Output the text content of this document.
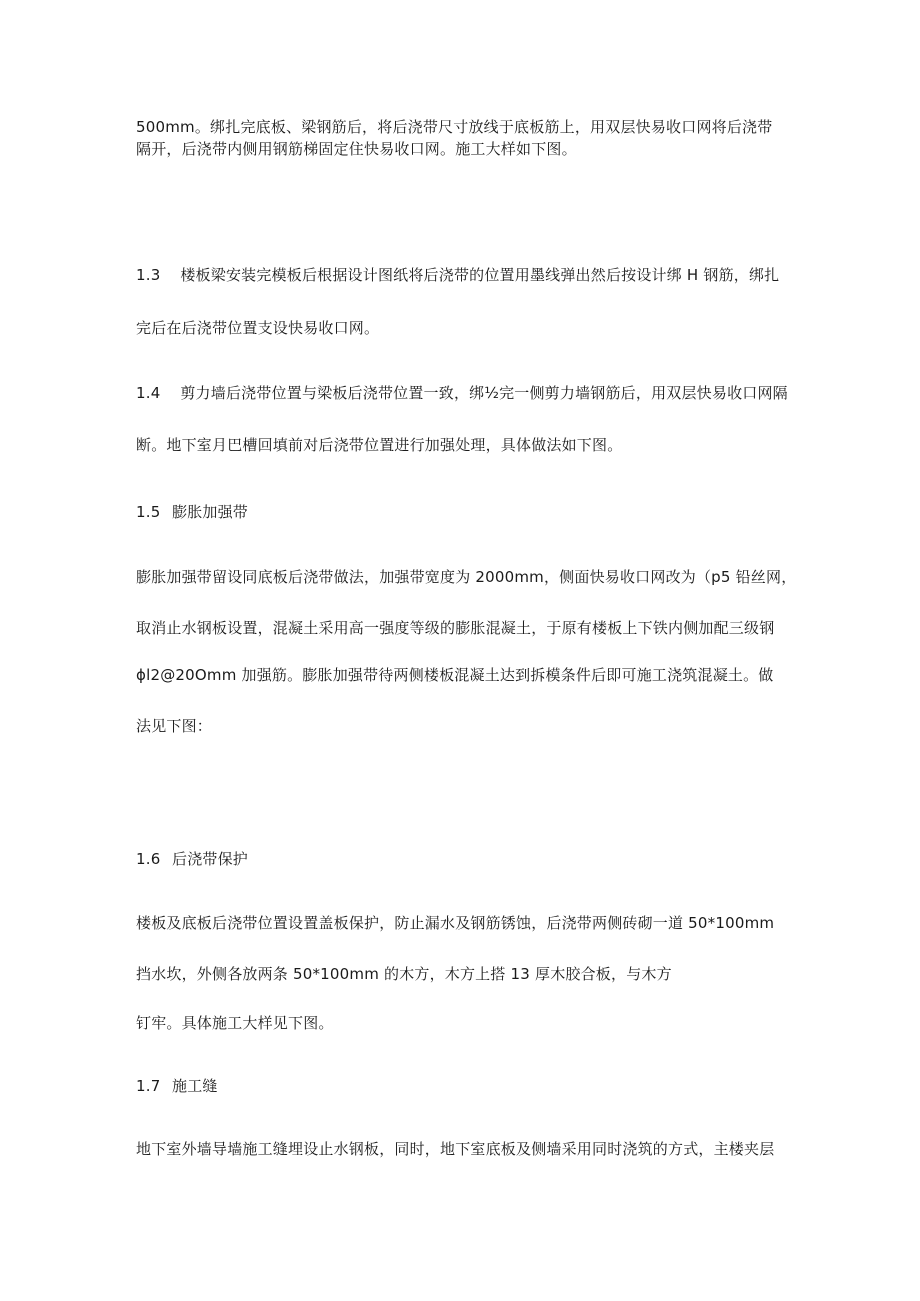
500mm。绑扎完底板、梁钢筋后，将后浇带尺寸放线于底板筋上，用双层快易收口网将后浇带

隔开，后浇带内侧用钢筋梯固定住快易收口网。施工大样如下图。

1.3 楼板梁安装完模板后根据设计图纸将后浇带的位置用墨线弹出然后按设计绑 H 钢筋，绑扎

完后在后浇带位置支设快易收口网。

1.4 剪力墙后浇带位置与梁板后浇带位置一致，绑½完一侧剪力墙钢筋后，用双层快易收口网隔

断。地下室月巴槽回填前对后浇带位置进行加强处理，具体做法如下图。

1.5 膨胀加强带

膨胀加强带留设同底板后浇带做法，加强带宽度为 2000mm，侧面快易收口网改为（p5 铅丝网，

取消止水钢板设置，混凝土采用高一强度等级的膨胀混凝土，于原有楼板上下铁内侧加配三级钢

ϕl2@20Omm 加强筋。膨胀加强带待两侧楼板混凝土达到拆模条件后即可施工浇筑混凝土。做

法见下图：

1.6 后浇带保护

楼板及底板后浇带位置设置盖板保护，防止漏水及钢筋锈蚀，后浇带两侧砖砌一道 50*100mm

挡水坎，外侧各放两条 50*100mm 的木方，木方上搭 13 厚木胶合板，与木方

钉牢。具体施工大样见下图。

1.7 施工缝

地下室外墙导墙施工缝埋设止水钢板，同时，地下室底板及侧墙采用同时浇筑的方式，主楼夹层
